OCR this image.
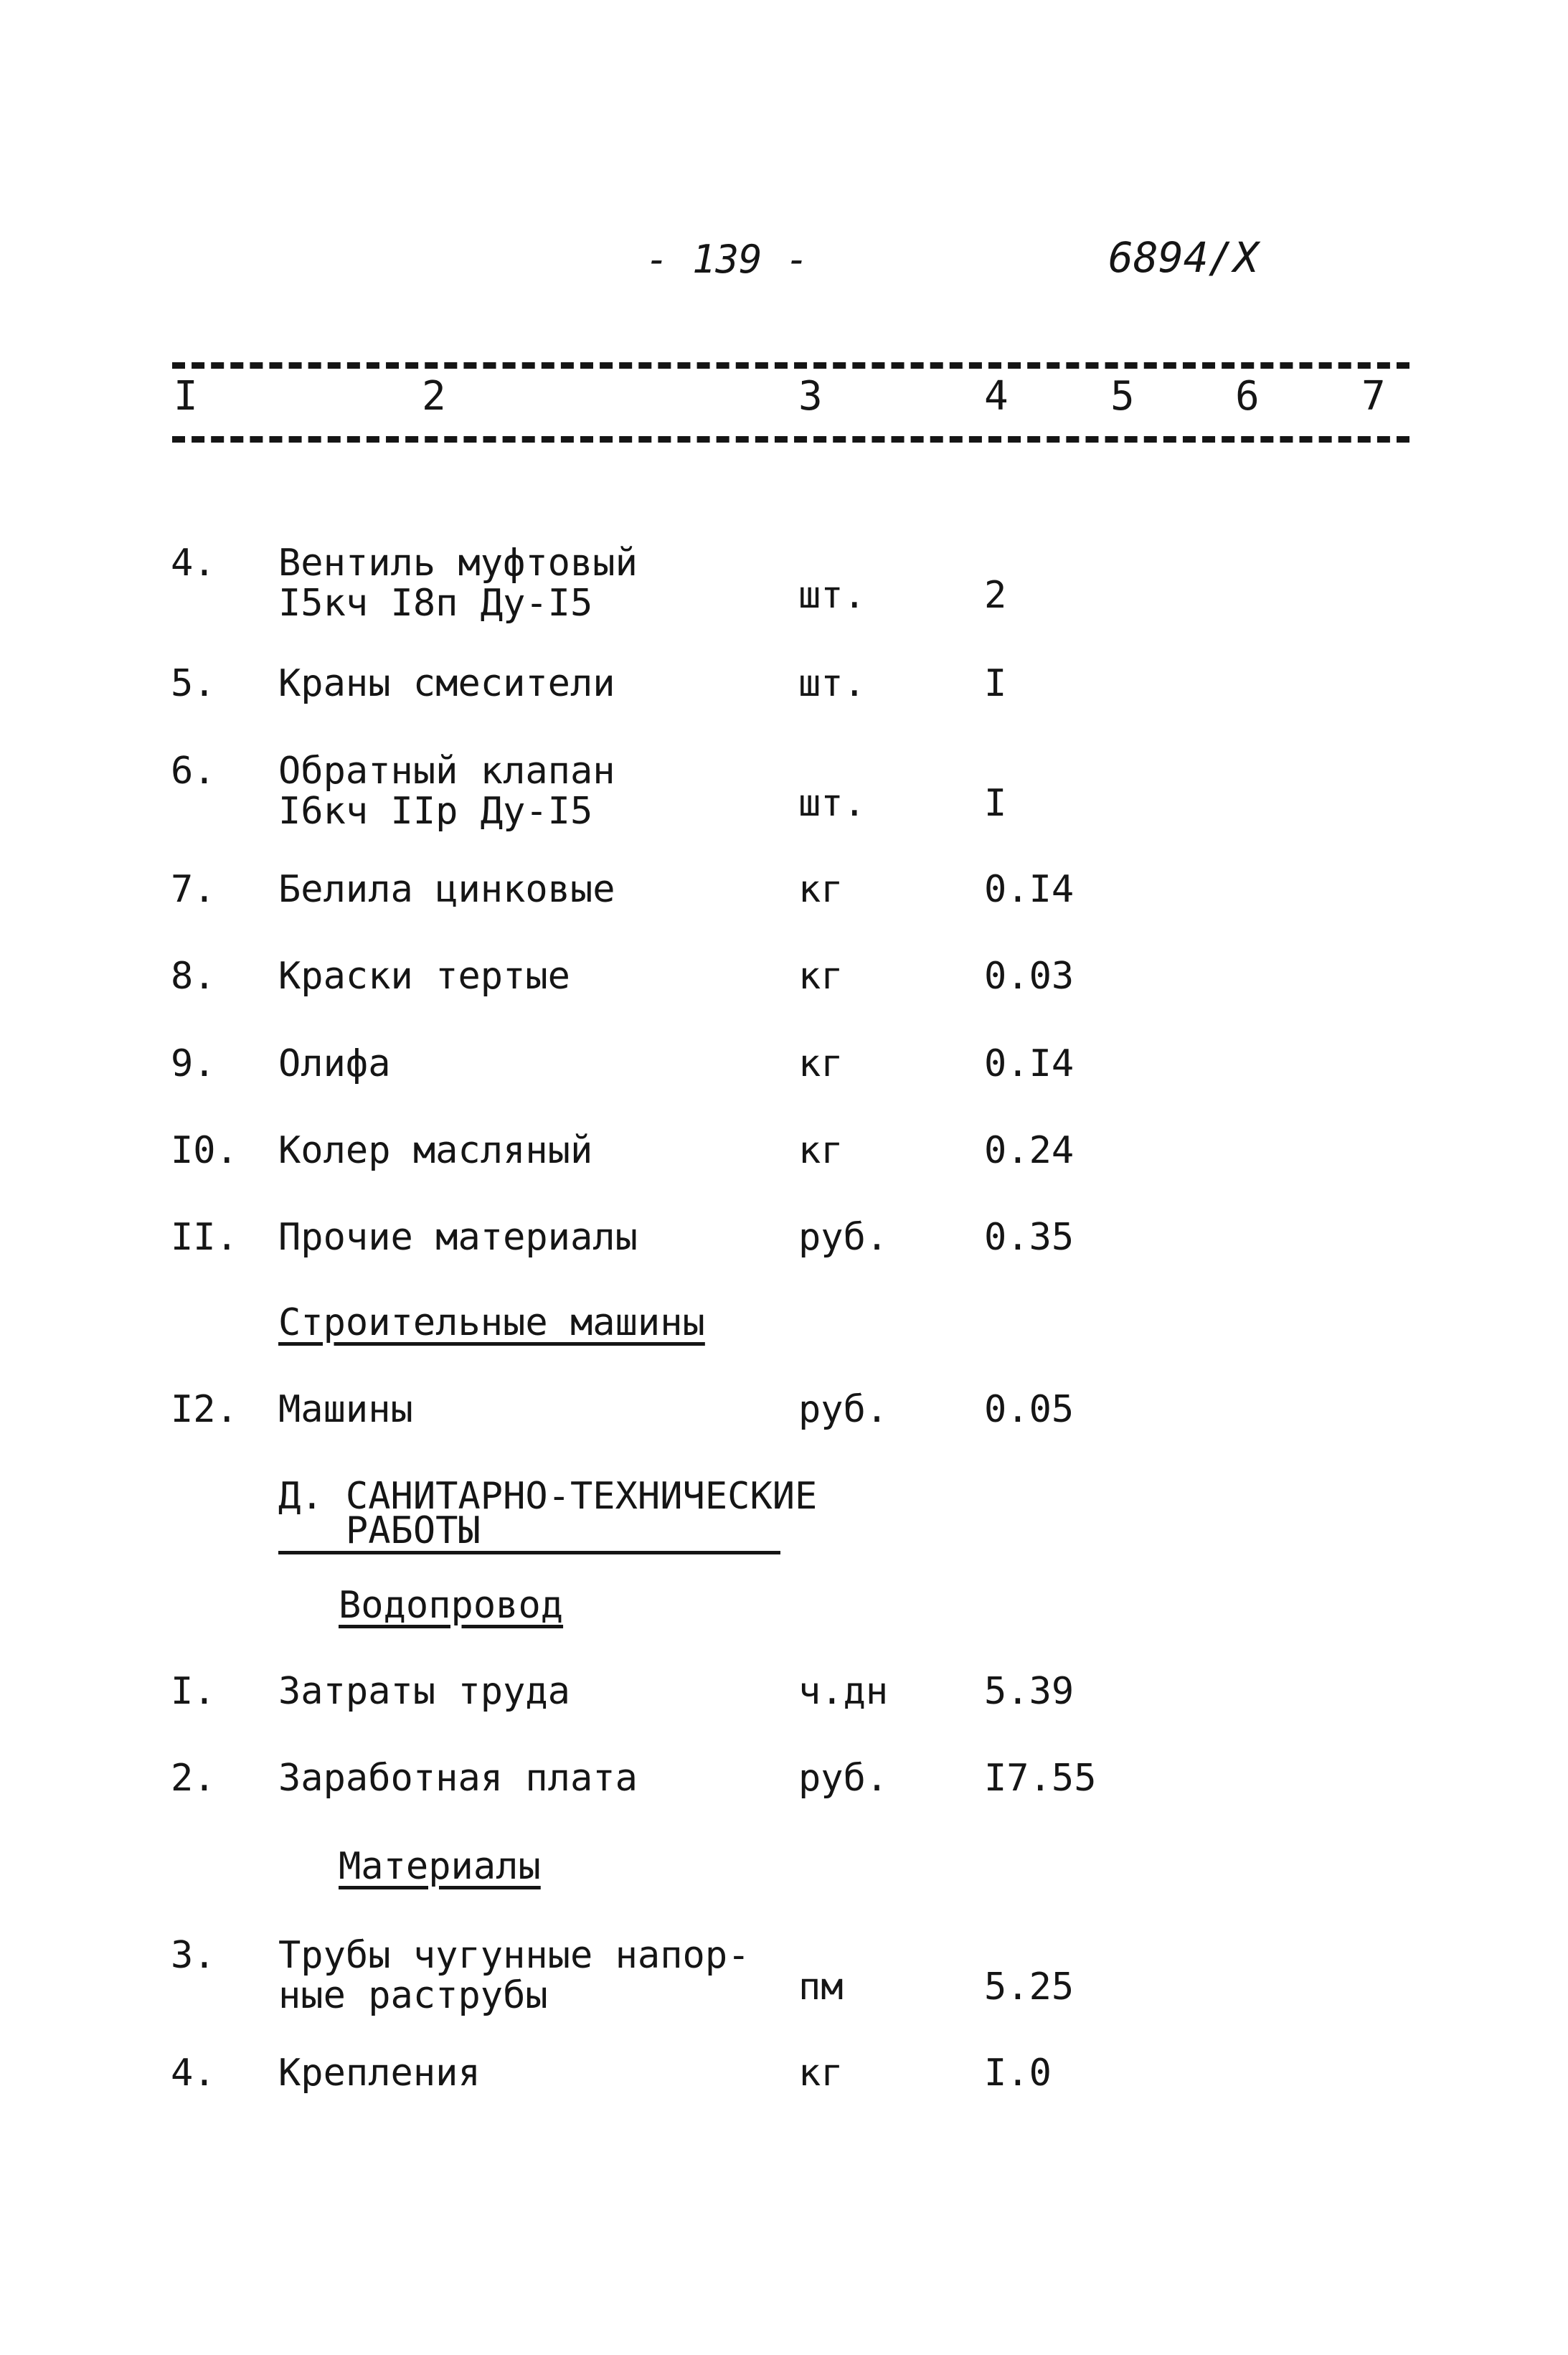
- 139 -	6894/X
I	2	3	4	5	6	7
4. Вентиль муфтовый
I5кч I8п Ду-I5	шт.	2
5. Краны смесители	шт.	I
6. Обратный клапан
I6кч IIр Ду-I5	шт.	I
7. Белила цинковые	кг	0.I4
8. Краски тертые	кг	0.03
9. Олифа	кг	0.I4
I0. Колер масляный	кг	0.24
II. Прочие материалы	руб.	0.35
Строительные машины
I2. Машины	руб.	0.05
Д. САНИТАРНО-ТЕХНИЧЕСКИЕ
РАБОТЫ
Водопровод
I. Затраты труда	ч.дн	5.39
2. Заработная плата	руб.	I7.55
Материалы
3. Трубы чугунные напор-
ные раструбы	пм	5.25
4. Крепления	кг	I.0
